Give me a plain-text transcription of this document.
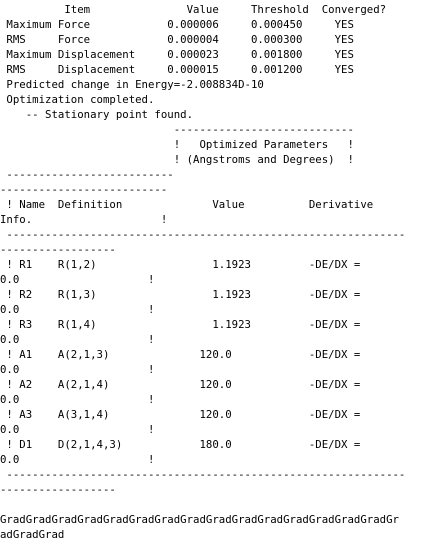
Item               Value     Threshold  Converged?
Maximum Force            0.000006     0.000450     YES
RMS     Force            0.000004     0.000300     YES
Maximum Displacement     0.000023     0.001800     YES
RMS     Displacement     0.000015     0.001200     YES
Predicted change in Energy=-2.008834D-10
Optimization completed.
-- Stationary point found.
----------------------------
!   Optimized Parameters   !
! (Angstroms and Degrees)  !
--------------------------
--------------------------
! Name  Definition              Value          Derivative
Info.                    !
--------------------------------------------------------------
------------------
! R1    R(1,2)                  1.1923         -DE/DX =
0.0                    !
! R2    R(1,3)                  1.1923         -DE/DX =
0.0                    !
! R3    R(1,4)                  1.1923         -DE/DX =
0.0                    !
! A1    A(2,1,3)              120.0            -DE/DX =
0.0                    !
! A2    A(2,1,4)              120.0            -DE/DX =
0.0                    !
! A3    A(3,1,4)              120.0            -DE/DX =
0.0                    !
! D1    D(2,1,4,3)            180.0            -DE/DX =
0.0                    !
--------------------------------------------------------------
------------------
GradGradGradGradGradGradGradGradGradGradGradGradGradGradGradGr
adGradGrad
